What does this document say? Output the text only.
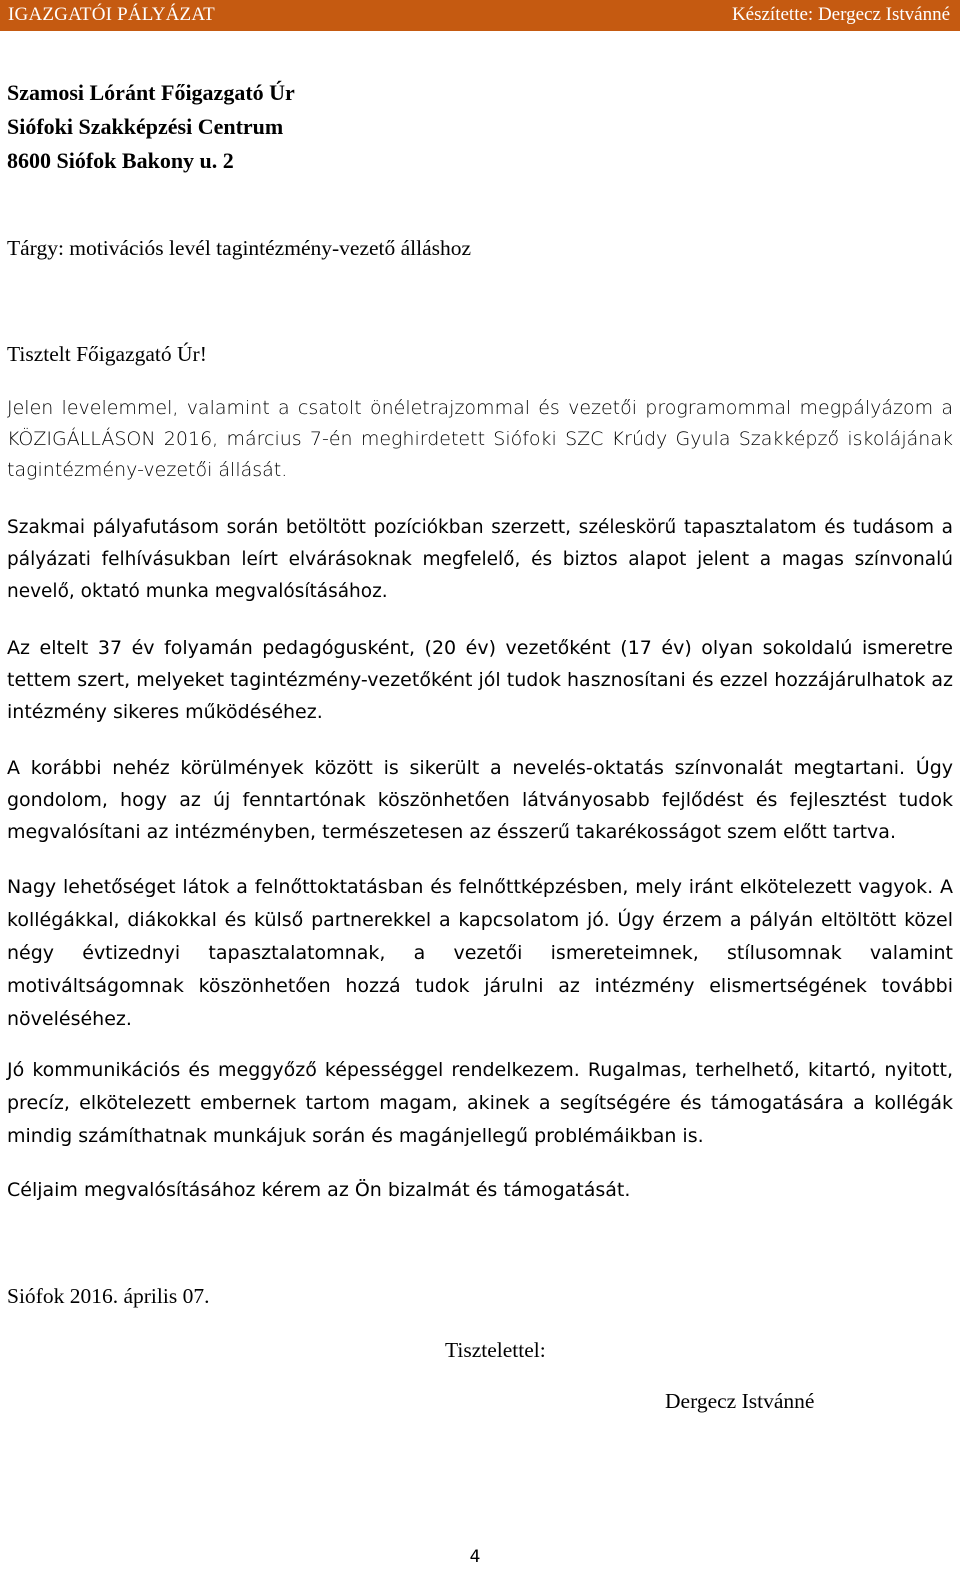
IGAZGATÓI PÁLYÁZAT	Készítette: Dergecz Istvánné
Szamosi Lóránt Főigazgató Úr
Siófoki Szakképzési Centrum
8600 Siófok Bakony u. 2
Tárgy: motivációs levél tagintézmény-vezető álláshoz
Tisztelt Főigazgató Úr!

Jelen levelemmel, valamint a csatolt önéletrajzommal és vezetői programommal megpályázom a KÖZIGÁLLÁSON 2016, március 7-én meghirdetett Siófoki SZC Krúdy Gyula Szakképző iskolájának tagintézmény-vezetői állását.

Szakmai pályafutásom során betöltött pozíciókban szerzett, széleskörű tapasztalatom és tudásom a pályázati felhívásukban leírt elvárásoknak megfelelő, és biztos alapot jelent a magas színvonalú nevelő, oktató munka megvalósításához.

Az eltelt 37 év folyamán pedagógusként, (20 év) vezetőként (17 év) olyan sokoldalú ismeretre tettem szert, melyeket tagintézmény-vezetőként jól tudok hasznosítani és ezzel hozzájárulhatok az intézmény sikeres működéséhez.

A korábbi nehéz körülmények között is sikerült a nevelés-oktatás színvonalát megtartani. Úgy gondolom, hogy az új fenntartónak köszönhetően látványosabb fejlődést és fejlesztést tudok megvalósítani az intézményben, természetesen az ésszerű takarékosságot szem előtt tartva.

Nagy lehetőséget látok a felnőttoktatásban és felnőttképzésben, mely iránt elkötelezett vagyok. A kollégákkal, diákokkal és külső partnerekkel a kapcsolatom jó. Úgy érzem a pályán eltöltött közel négy évtizednyi tapasztalatomnak, a vezetői ismereteimnek, stílusomnak valamint motiváltságomnak köszönhetően hozzá tudok járulni az intézmény elismertségének további növeléséhez.

Jó kommunikációs és meggyőző képességgel rendelkezem. Rugalmas, terhelhető, kitartó, nyitott, precíz, elkötelezett embernek tartom magam, akinek a segítségére és támogatására a kollégák mindig számíthatnak munkájuk során és magánjellegű problémáikban is.

Céljaim megvalósításához kérem az Ön bizalmát és támogatását.
Siófok 2016. április 07.
Tisztelettel:
Dergecz Istvánné
4
